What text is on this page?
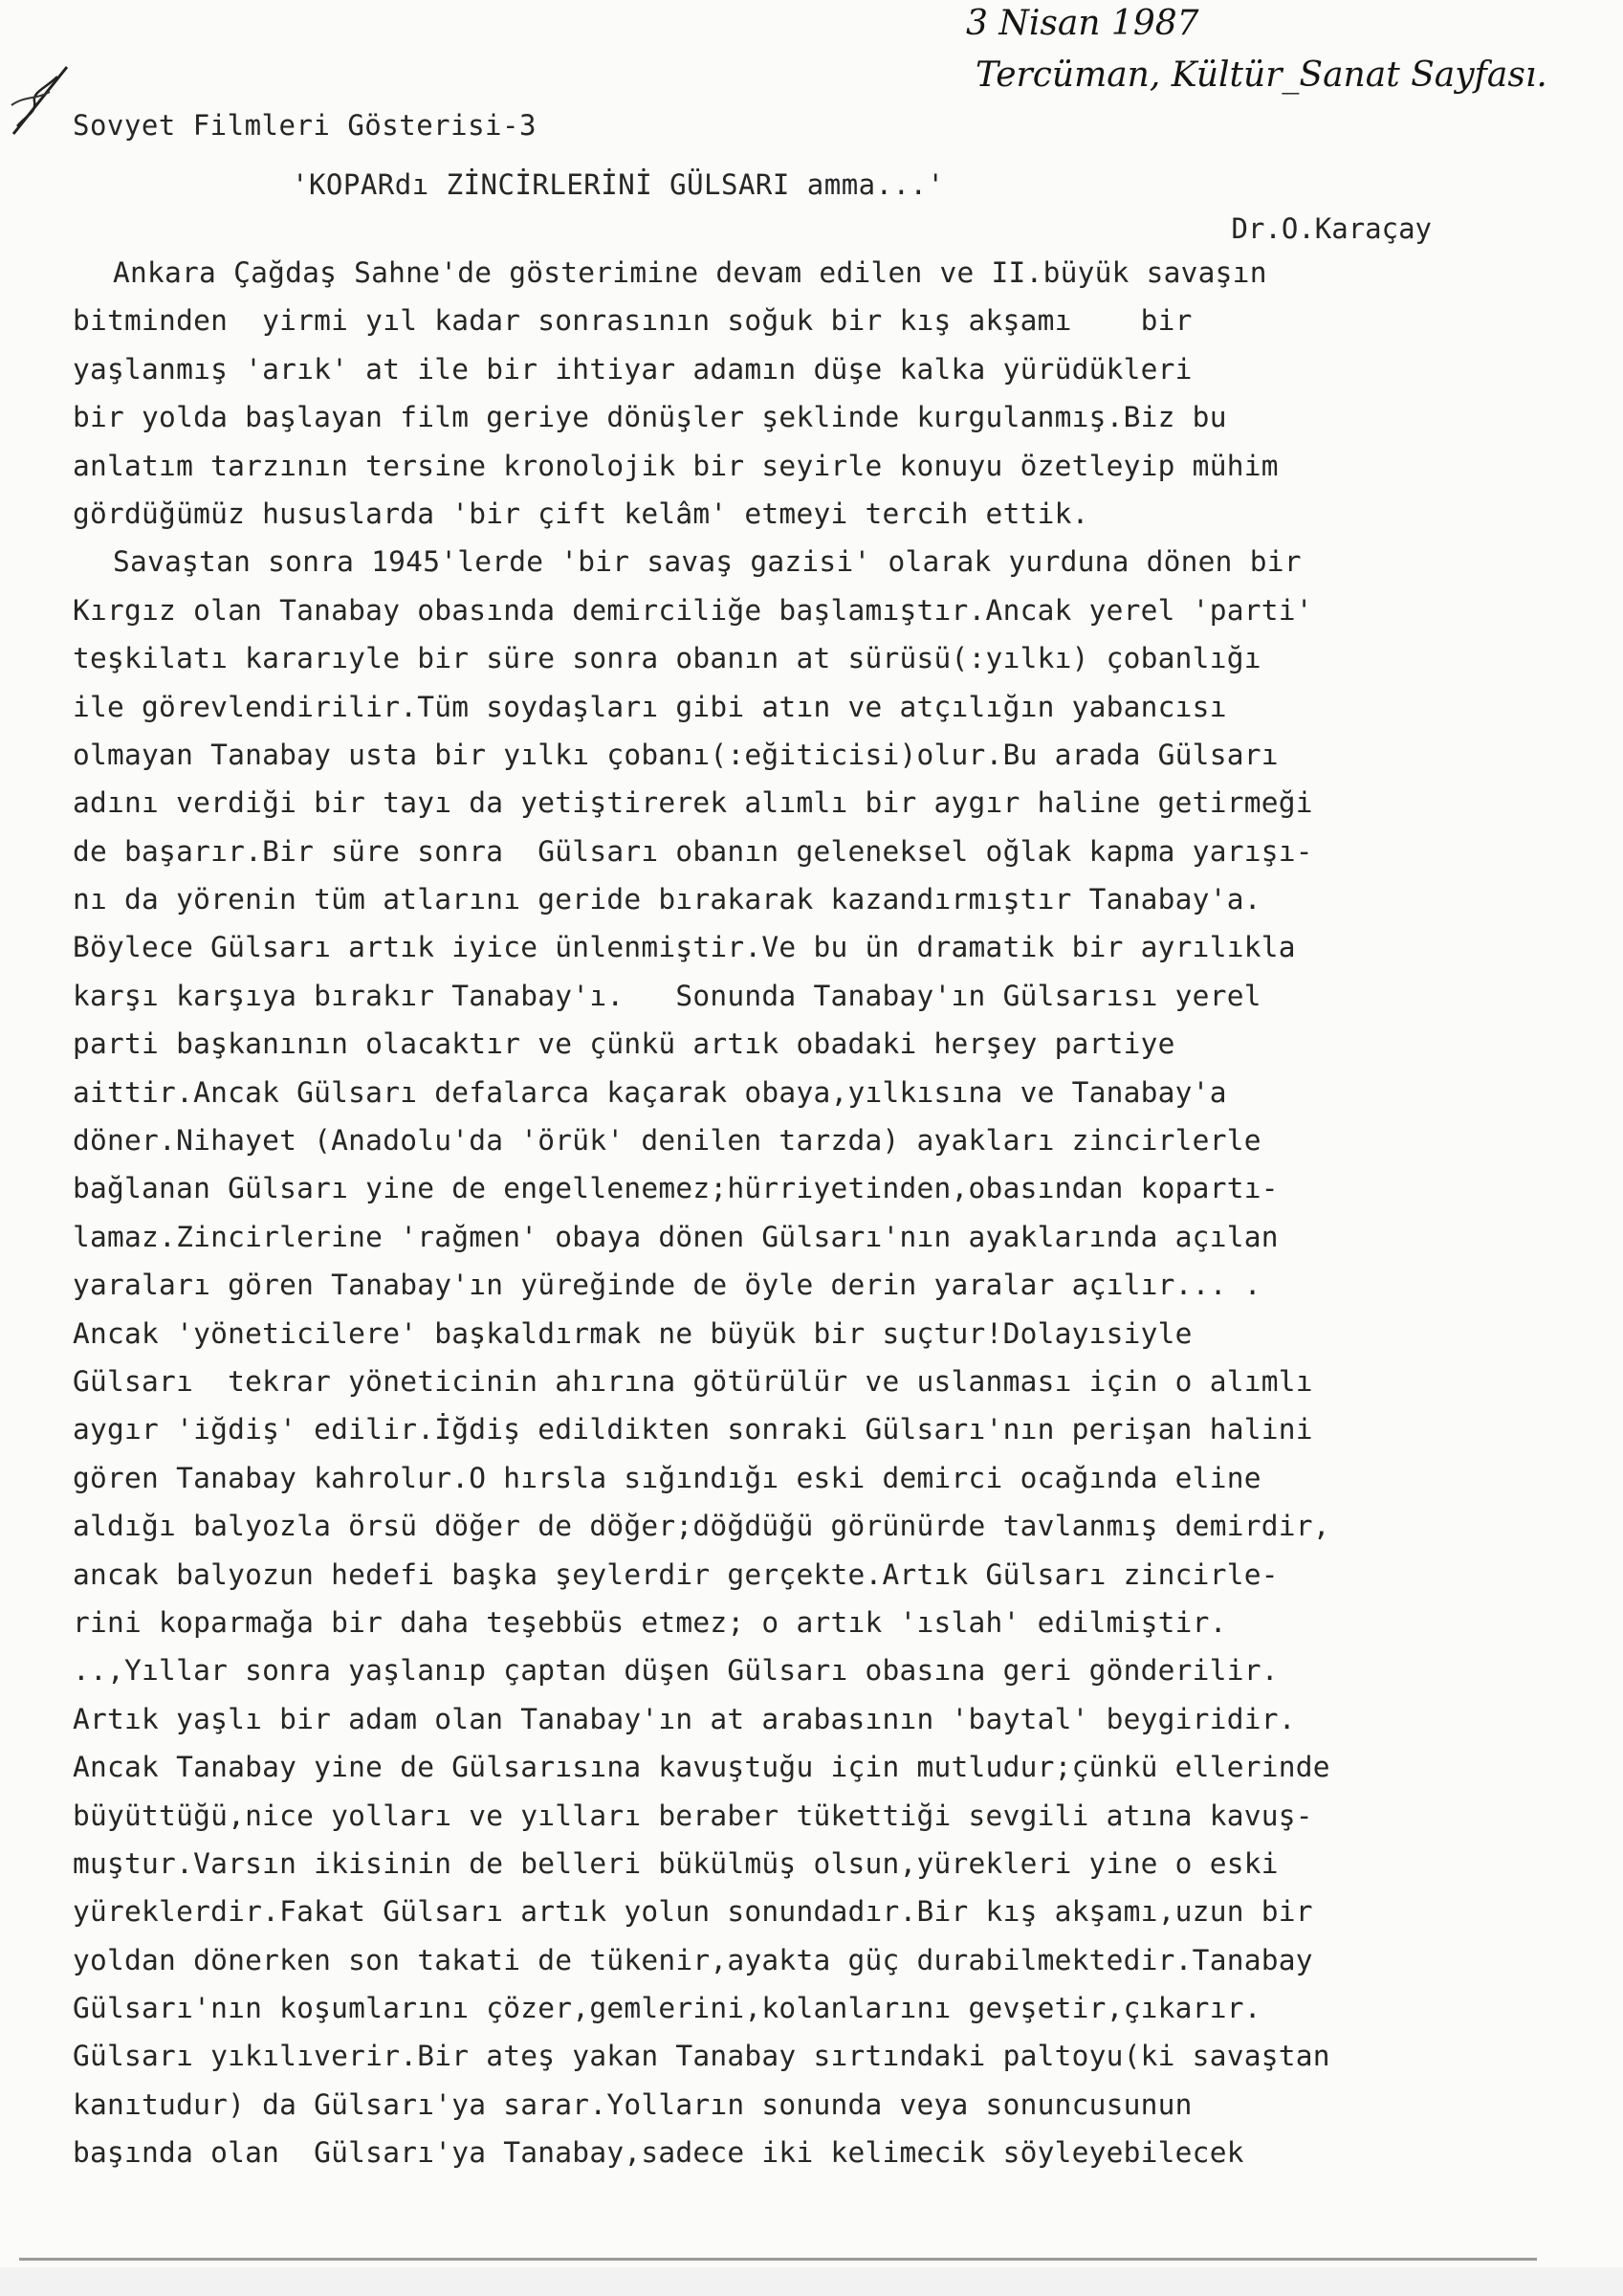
3 Nisan 1987
Tercüman, Kültür_Sanat Sayfası.
Sovyet Filmleri Gösterisi-3
'KOPARdı ZİNCİRLERİNİ GÜLSARI amma...'
Dr.O.Karaçay
Ankara Çağdaş Sahne'de gösterimine devam edilen ve II.büyük savaşın
bitminden  yirmi yıl kadar sonrasının soğuk bir kış akşamı    bir
yaşlanmış 'arık' at ile bir ihtiyar adamın düşe kalka yürüdükleri
bir yolda başlayan film geriye dönüşler şeklinde kurgulanmış.Biz bu
anlatım tarzının tersine kronolojik bir seyirle konuyu özetleyip mühim
gördüğümüz hususlarda 'bir çift kelâm' etmeyi tercih ettik.
Savaştan sonra 1945'lerde 'bir savaş gazisi' olarak yurduna dönen bir
Kırgız olan Tanabay obasında demirciliğe başlamıştır.Ancak yerel 'parti'
teşkilatı kararıyle bir süre sonra obanın at sürüsü(:yılkı) çobanlığı
ile görevlendirilir.Tüm soydaşları gibi atın ve atçılığın yabancısı
olmayan Tanabay usta bir yılkı çobanı(:eğiticisi)olur.Bu arada Gülsarı
adını verdiği bir tayı da yetiştirerek alımlı bir aygır haline getirmeği
de başarır.Bir süre sonra  Gülsarı obanın geleneksel oğlak kapma yarışı-
nı da yörenin tüm atlarını geride bırakarak kazandırmıştır Tanabay'a.
Böylece Gülsarı artık iyice ünlenmiştir.Ve bu ün dramatik bir ayrılıkla
karşı karşıya bırakır Tanabay'ı.   Sonunda Tanabay'ın Gülsarısı yerel
parti başkanının olacaktır ve çünkü artık obadaki herşey partiye
aittir.Ancak Gülsarı defalarca kaçarak obaya,yılkısına ve Tanabay'a
döner.Nihayet (Anadolu'da 'örük' denilen tarzda) ayakları zincirlerle
bağlanan Gülsarı yine de engellenemez;hürriyetinden,obasından kopartı-
lamaz.Zincirlerine 'rağmen' obaya dönen Gülsarı'nın ayaklarında açılan
yaraları gören Tanabay'ın yüreğinde de öyle derin yaralar açılır... .
Ancak 'yöneticilere' başkaldırmak ne büyük bir suçtur!Dolayısiyle
Gülsarı  tekrar yöneticinin ahırına götürülür ve uslanması için o alımlı
aygır 'iğdiş' edilir.İğdiş edildikten sonraki Gülsarı'nın perişan halini
gören Tanabay kahrolur.O hırsla sığındığı eski demirci ocağında eline
aldığı balyozla örsü döğer de döğer;döğdüğü görünürde tavlanmış demirdir,
ancak balyozun hedefi başka şeylerdir gerçekte.Artık Gülsarı zincirle-
rini koparmağa bir daha teşebbüs etmez; o artık 'ıslah' edilmiştir.
..,Yıllar sonra yaşlanıp çaptan düşen Gülsarı obasına geri gönderilir.
Artık yaşlı bir adam olan Tanabay'ın at arabasının 'baytal' beygiridir.
Ancak Tanabay yine de Gülsarısına kavuştuğu için mutludur;çünkü ellerinde
büyüttüğü,nice yolları ve yılları beraber tükettiği sevgili atına kavuş-
muştur.Varsın ikisinin de belleri bükülmüş olsun,yürekleri yine o eski
yüreklerdir.Fakat Gülsarı artık yolun sonundadır.Bir kış akşamı,uzun bir
yoldan dönerken son takati de tükenir,ayakta güç durabilmektedir.Tanabay
Gülsarı'nın koşumlarını çözer,gemlerini,kolanlarını gevşetir,çıkarır.
Gülsarı yıkılıverir.Bir ateş yakan Tanabay sırtındaki paltoyu(ki savaştan
kanıtudur) da Gülsarı'ya sarar.Yolların sonunda veya sonuncusunun
başında olan  Gülsarı'ya Tanabay,sadece iki kelimecik söyleyebilecek
